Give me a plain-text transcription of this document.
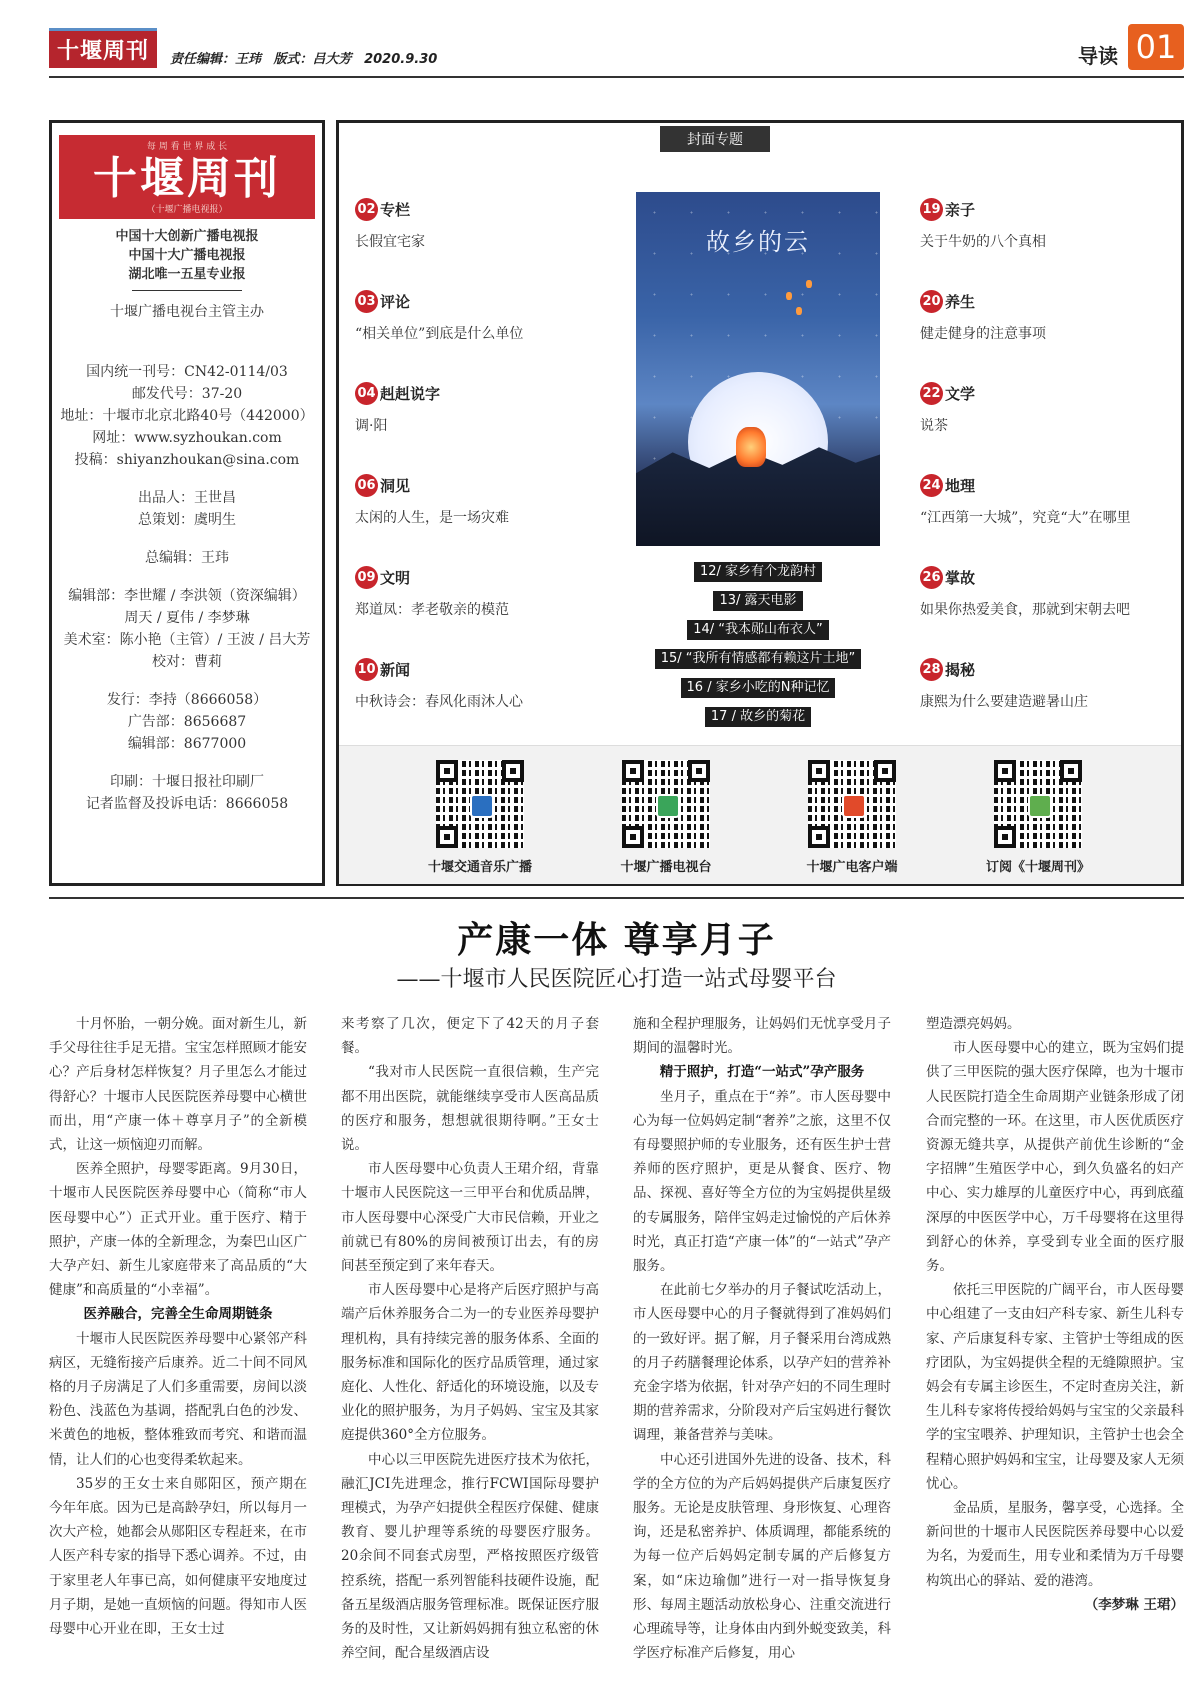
十堰周刊	责任编辑：王玮 版式：吕大芳 2020.9.30	导读 01
每 周 看 世 界 成 长
十堰周刊
（十堰广播电视报）
中国十大创新广播电视报
中国十大广播电视报
湖北唯一五星专业报
十堰广播电视台主管主办
国内统一刊号：CN42-0114/03
邮发代号：37-20
地址：十堰市北京北路40号（442000）
网址：www.syzhoukan.com
投稿：shiyanzhoukan@sina.com
出品人：王世昌
总策划：虞明生
总编辑：王玮
编辑部：李世耀 / 李洪领（资深编辑）
周天 / 夏伟 / 李梦琳
美术室：陈小艳（主管）/ 王波 / 吕大芳
校对：曹莉
发行：李持（8666058）
广告部：8656687
编辑部：8677000
印刷：十堰日报社印刷厂
记者监督及投诉电话：8666058
封面专题
02 专栏
长假宜宅家
03 评论
“相关单位”到底是什么单位
04 赳赳说字
调·阳
06 洞见
太闲的人生，是一场灾难
09 文明
郑道凤：孝老敬亲的模范
10 新闻
中秋诗会：春风化雨沐人心
19 亲子
关于牛奶的八个真相
20 养生
健走健身的注意事项
22 文学
说茶
24 地理
“江西第一大城”，究竟“大”在哪里
26 掌故
如果你热爱美食，那就到宋朝去吧
28 揭秘
康熙为什么要建造避暑山庄
故乡的云
12/ 家乡有个龙韵村
13/ 露天电影
14/ “我本郧山布衣人”
15/ “我所有情感都有赖这片土地”
16 / 家乡小吃的N种记忆
17 / 故乡的菊花
十堰交通音乐广播	十堰广播电视台	十堰广电客户端	订阅《十堰周刊》
产康一体 尊享月子
——十堰市人民医院匠心打造一站式母婴平台

十月怀胎，一朝分娩。面对新生儿，新手父母往往手足无措。宝宝怎样照顾才能安心？产后身材怎样恢复？月子里怎么才能过得舒心？十堰市人民医院医养母婴中心横世而出，用“产康一体＋尊享月子”的全新模式，让这一烦恼迎刃而解。

医养全照护，母婴零距离。9月30日，十堰市人民医院医养母婴中心（简称“市人医母婴中心”）正式开业。重于医疗、精于照护，产康一体的全新理念，为秦巴山区广大孕产妇、新生儿家庭带来了高品质的“大健康”和高质量的“小幸福”。

医养融合，完善全生命周期链条

十堰市人民医院医养母婴中心紧邻产科病区，无缝衔接产后康养。近二十间不同风格的月子房满足了人们多重需要，房间以淡粉色、浅蓝色为基调，搭配乳白色的沙发、米黄色的地板，整体雅致而考究、和谐而温情，让人们的心也变得柔软起来。

35岁的王女士来自郧阳区，预产期在今年年底。因为已是高龄孕妇，所以每月一次大产检，她都会从郧阳区专程赶来，在市人医产科专家的指导下悉心调养。不过，由于家里老人年事已高，如何健康平安地度过月子期，是她一直烦恼的问题。得知市人医母婴中心开业在即，王女士过

来考察了几次，便定下了42天的月子套餐。

“我对市人民医院一直很信赖，生产完都不用出医院，就能继续享受市人医高品质的医疗和服务，想想就很期待啊。”王女士说。

市人医母婴中心负责人王珺介绍，背靠十堰市人民医院这一三甲平台和优质品牌，市人医母婴中心深受广大市民信赖，开业之前就已有80%的房间被预订出去，有的房间甚至预定到了来年春天。

市人医母婴中心是将产后医疗照护与高端产后休养服务合二为一的专业医养母婴护理机构，具有持续完善的服务体系、全面的服务标准和国际化的医疗品质管理，通过家庭化、人性化、舒适化的环境设施，以及专业化的照护服务，为月子妈妈、宝宝及其家庭提供360°全方位服务。

中心以三甲医院先进医疗技术为依托，融汇JCI先进理念，推行FCWI国际母婴护理模式，为孕产妇提供全程医疗保健、健康教育、婴儿护理等系统的母婴医疗服务。20余间不同套式房型，严格按照医疗级管控系统，搭配一系列智能科技硬件设施，配备五星级酒店服务管理标准。既保证医疗服务的及时性，又让新妈妈拥有独立私密的休养空间，配合星级酒店设

施和全程护理服务，让妈妈们无忧享受月子期间的温馨时光。

精于照护，打造“一站式”孕产服务

坐月子，重点在于“养”。市人医母婴中心为每一位妈妈定制“奢养”之旅，这里不仅有母婴照护师的专业服务，还有医生护士营养师的医疗照护，更是从餐食、医疗、物品、探视、喜好等全方位的为宝妈提供星级的专属服务，陪伴宝妈走过愉悦的产后休养时光，真正打造“产康一体”的“一站式”孕产服务。

在此前七夕举办的月子餐试吃活动上，市人医母婴中心的月子餐就得到了准妈妈们的一致好评。据了解，月子餐采用台湾成熟的月子药膳餐理论体系，以孕产妇的营养补充金字塔为依据，针对孕产妇的不同生理时期的营养需求，分阶段对产后宝妈进行餐饮调理，兼备营养与美味。

中心还引进国外先进的设备、技术，科学的全方位的为产后妈妈提供产后康复医疗服务。无论是皮肤管理、身形恢复、心理咨询，还是私密养护、体质调理，都能系统的为每一位产后妈妈定制专属的产后修复方案，如“床边瑜伽”进行一对一指导恢复身形、每周主题活动放松身心、注重交流进行心理疏导等，让身体由内到外蜕变致美，科学医疗标准产后修复，用心

塑造漂亮妈妈。

市人医母婴中心的建立，既为宝妈们提供了三甲医院的强大医疗保障，也为十堰市人民医院打造全生命周期产业链条形成了闭合而完整的一环。在这里，市人医优质医疗资源无缝共享，从提供产前优生诊断的“金字招牌”生殖医学中心，到久负盛名的妇产中心、实力雄厚的儿童医疗中心，再到底蕴深厚的中医医学中心，万千母婴将在这里得到舒心的休养，享受到专业全面的医疗服务。

依托三甲医院的广阔平台，市人医母婴中心组建了一支由妇产科专家、新生儿科专家、产后康复科专家、主管护士等组成的医疗团队，为宝妈提供全程的无缝隙照护。宝妈会有专属主诊医生，不定时查房关注，新生儿科专家将传授给妈妈与宝宝的父亲最科学的宝宝喂养、护理知识，主管护士也会全程精心照护妈妈和宝宝，让母婴及家人无须忧心。

金品质，星服务，馨享受，心选择。全新问世的十堰市人民医院医养母婴中心以爱为名，为爱而生，用专业和柔情为万千母婴构筑出心的驿站、爱的港湾。

（李梦琳 王珺）
